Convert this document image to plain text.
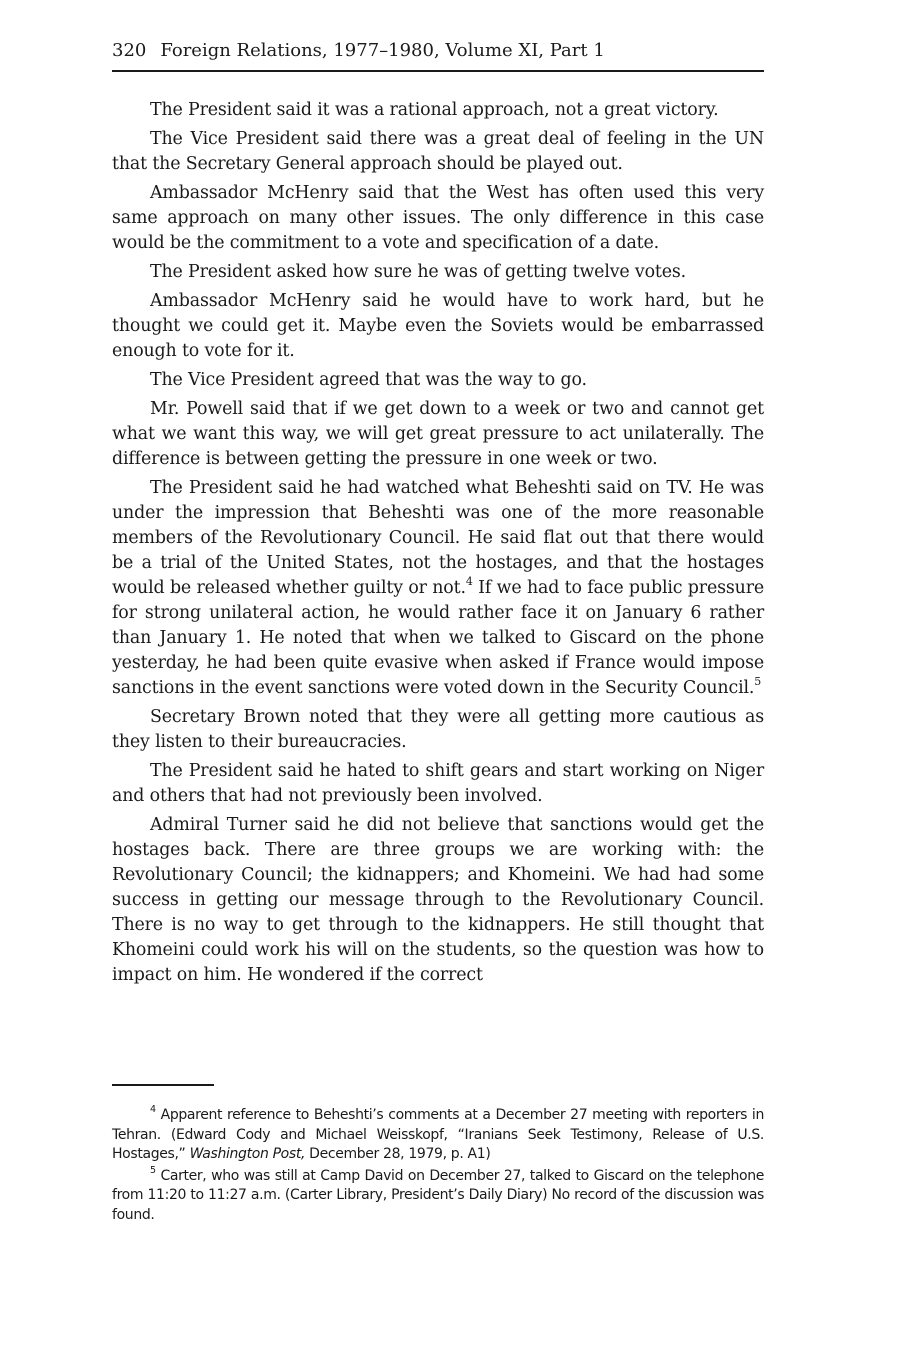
320 Foreign Relations, 1977–1980, Volume XI, Part 1

The President said it was a rational approach, not a great victory.

The Vice President said there was a great deal of feeling in the UN that the Secretary General approach should be played out.

Ambassador McHenry said that the West has often used this very same approach on many other issues. The only difference in this case would be the commitment to a vote and specification of a date.

The President asked how sure he was of getting twelve votes.

Ambassador McHenry said he would have to work hard, but he thought we could get it. Maybe even the Soviets would be embarrassed enough to vote for it.

The Vice President agreed that was the way to go.

Mr. Powell said that if we get down to a week or two and cannot get what we want this way, we will get great pressure to act unilaterally. The difference is between getting the pressure in one week or two.

The President said he had watched what Beheshti said on TV. He was under the impression that Beheshti was one of the more reasonable members of the Revolutionary Council. He said flat out that there would be a trial of the United States, not the hostages, and that the hostages would be released whether guilty or not.$^4$ If we had to face public pressure for strong unilateral action, he would rather face it on January 6 rather than January 1. He noted that when we talked to Giscard on the phone yesterday, he had been quite evasive when asked if France would impose sanctions in the event sanctions were voted down in the Security Council.$^5$

Secretary Brown noted that they were all getting more cautious as they listen to their bureaucracies.

The President said he hated to shift gears and start working on Niger and others that had not previously been involved.

Admiral Turner said he did not believe that sanctions would get the hostages back. There are three groups we are working with: the Revolutionary Council; the kidnappers; and Khomeini. We had had some success in getting our message through to the Revolutionary Council. There is no way to get through to the kidnappers. He still thought that Khomeini could work his will on the students, so the question was how to impact on him. He wondered if the correct

$^4$ Apparent reference to Beheshti’s comments at a December 27 meeting with reporters in Tehran. (Edward Cody and Michael Weisskopf, “Iranians Seek Testimony, Release of U.S. Hostages,” Washington Post, December 28, 1979, p. A1)

$^5$ Carter, who was still at Camp David on December 27, talked to Giscard on the telephone from 11:20 to 11:27 a.m. (Carter Library, President’s Daily Diary) No record of the discussion was found.
